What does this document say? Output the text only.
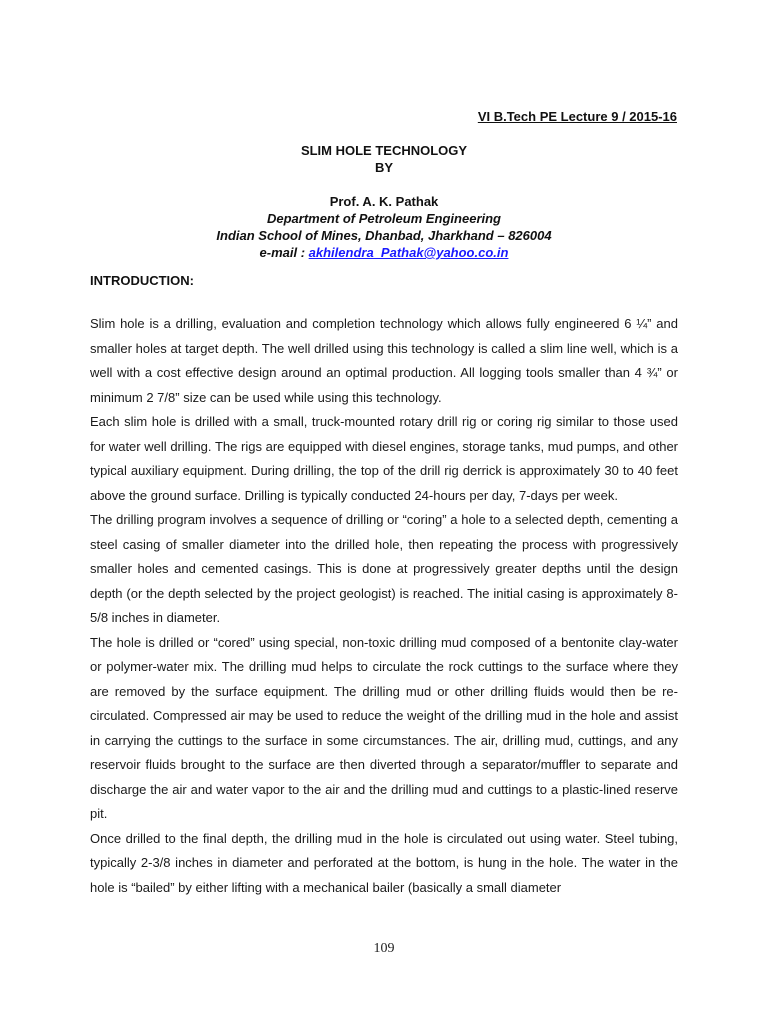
VI B.Tech PE Lecture 9 / 2015-16
SLIM HOLE TECHNOLOGY
BY
Prof. A. K. Pathak
Department of Petroleum Engineering
Indian School of Mines, Dhanbad, Jharkhand – 826004
e-mail : akhilendra_Pathak@yahoo.co.in
INTRODUCTION:

Slim hole is a drilling, evaluation and completion technology which allows fully engineered 6 ¼” and smaller holes at target depth. The well drilled using this technology is called a slim line well, which is a well with a cost effective design around an optimal production. All logging tools smaller than 4 ¾” or minimum 2 7/8” size can be used while using this technology.

Each slim hole is drilled with a small, truck-mounted rotary drill rig or coring rig similar to those used for water well drilling. The rigs are equipped with diesel engines, storage tanks, mud pumps, and other typical auxiliary equipment. During drilling, the top of the drill rig derrick is approximately 30 to 40 feet above the ground surface. Drilling is typically conducted 24-hours per day, 7-days per week.

The drilling program involves a sequence of drilling or “coring” a hole to a selected depth, cementing a steel casing of smaller diameter into the drilled hole, then repeating the process with progressively smaller holes and cemented casings. This is done at progressively greater depths until the design depth (or the depth selected by the project geologist) is reached. The initial casing is approximately 8-5/8 inches in diameter.

The hole is drilled or “cored” using special, non-toxic drilling mud composed of a bentonite clay-water or polymer-water mix. The drilling mud helps to circulate the rock cuttings to the surface where they are removed by the surface equipment. The drilling mud or other drilling fluids would then be re-circulated. Compressed air may be used to reduce the weight of the drilling mud in the hole and assist in carrying the cuttings to the surface in some circumstances. The air, drilling mud, cuttings, and any reservoir fluids brought to the surface are then diverted through a separator/muffler to separate and discharge the air and water vapor to the air and the drilling mud and cuttings to a plastic-lined reserve pit.

Once drilled to the final depth, the drilling mud in the hole is circulated out using water. Steel tubing, typically 2-3/8 inches in diameter and perforated at the bottom, is hung in the hole. The water in the hole is “bailed” by either lifting with a mechanical bailer (basically a small diameter

109
